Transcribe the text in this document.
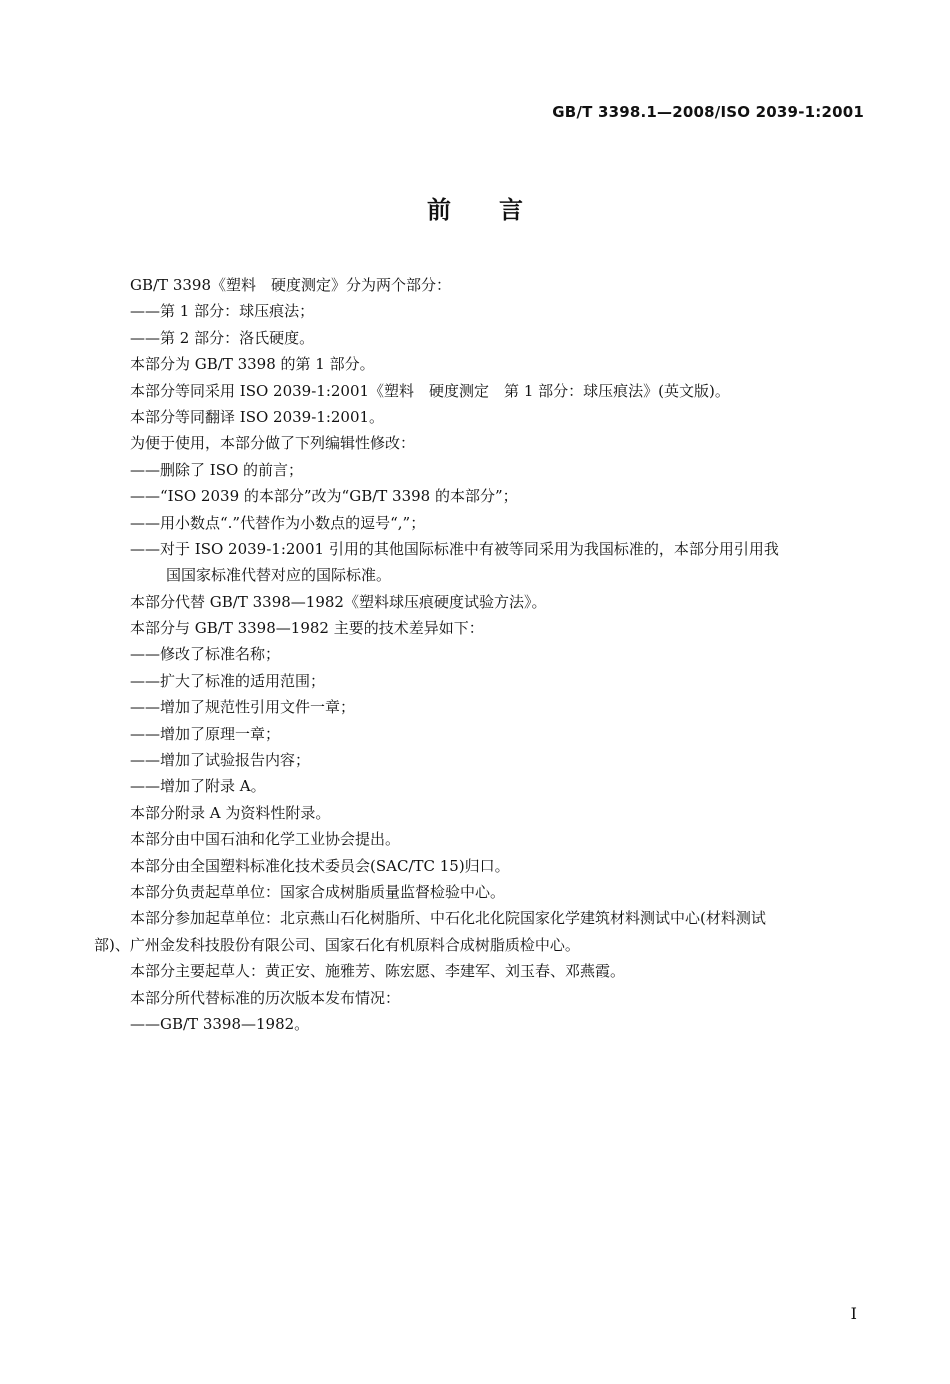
GB/T 3398.1—2008/ISO 2039-1:2001
前言
GB/T 3398《塑料　硬度测定》分为两个部分：
——第 1 部分：球压痕法；
——第 2 部分：洛氏硬度。
本部分为 GB/T 3398 的第 1 部分。
本部分等同采用 ISO 2039-1:2001《塑料　硬度测定　第 1 部分：球压痕法》(英文版)。
本部分等同翻译 ISO 2039-1:2001。
为便于使用，本部分做了下列编辑性修改：
——删除了 ISO 的前言；
——“ISO 2039 的本部分”改为“GB/T 3398 的本部分”；
——用小数点“.”代替作为小数点的逗号“,”；
——对于 ISO 2039-1:2001 引用的其他国际标准中有被等同采用为我国标准的，本部分用引用我
国国家标准代替对应的国际标准。
本部分代替 GB/T 3398—1982《塑料球压痕硬度试验方法》。
本部分与 GB/T 3398—1982 主要的技术差异如下：
——修改了标准名称；
——扩大了标准的适用范围；
——增加了规范性引用文件一章；
——增加了原理一章；
——增加了试验报告内容；
——增加了附录 A。
本部分附录 A 为资料性附录。
本部分由中国石油和化学工业协会提出。
本部分由全国塑料标准化技术委员会(SAC/TC 15)归口。
本部分负责起草单位：国家合成树脂质量监督检验中心。
本部分参加起草单位：北京燕山石化树脂所、中石化北化院国家化学建筑材料测试中心(材料测试
部)、广州金发科技股份有限公司、国家石化有机原料合成树脂质检中心。
本部分主要起草人：黄正安、施雅芳、陈宏愿、李建军、刘玉春、邓燕霞。
本部分所代替标准的历次版本发布情况：
——GB/T 3398—1982。
I
